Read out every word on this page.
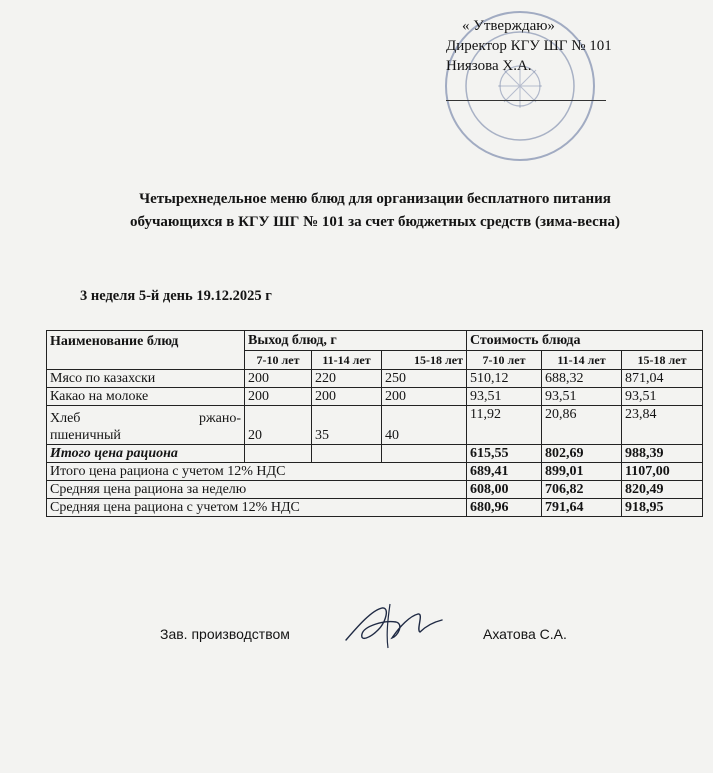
« Утверждаю»
Директор КГУ ШГ № 101
Ниязова Х.А.
Четырехнедельное меню блюд для организации бесплатного питания
обучающихся в КГУ ШГ № 101 за счет бюджетных средств (зима-весна)
3 неделя 5-й день 19.12.2025 г
Наименование блюд	Выход блюд, г			Стоимость блюда		
	7-10 лет	11-14 лет	15-18 лет	7-10 лет	11-14 лет	15-18 лет
Мясо по казахски	200	220	250	510,12	688,32	871,04
Какао на молоке	200	200	200	93,51	93,51	93,51

Хлеб ржано-
пшеничный	20	35	40	11,92	20,86	23,84
Итого цена рациона				615,55	802,69	988,39
Итого цена рациона с учетом 12% НДС				689,41	899,01	1107,00
Средняя цена рациона за неделю				608,00	706,82	820,49
Средняя цена рациона с учетом 12% НДС				680,96	791,64	918,95
Зав. производством	Ахатова С.А.
